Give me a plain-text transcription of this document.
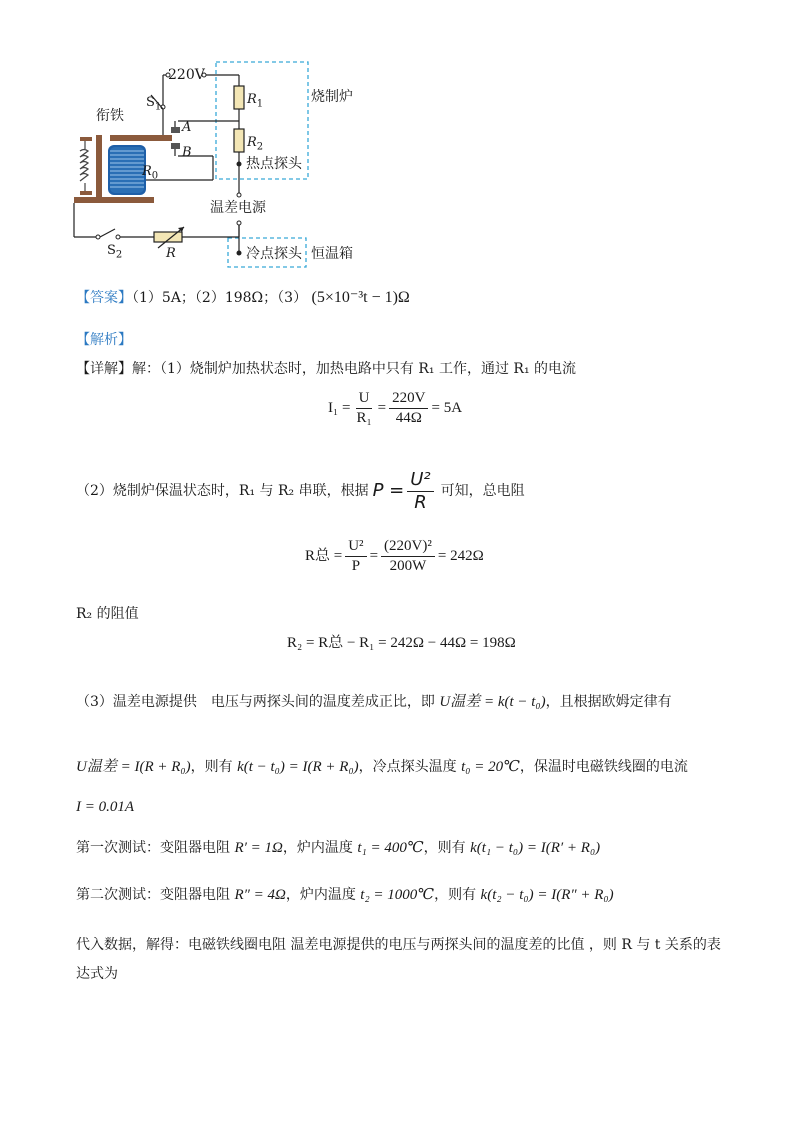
220V
$S_1$
衔铁
A
B
$R_0$
$R_1$
$R_2$
烧制炉
热点探头
温差电源
$S_2$	R	冷点探头 恒温箱
【答案】（1）5A；（2）198Ω；（3） (5×10⁻³t − 1)Ω
【解析】
【详解】解：（1）烧制炉加热状态时，加热电路中只有 R₁ 工作，通过 R₁ 的电流
$I_1 = \frac{U}{\text{R₁}} = \frac{220V}{44\Omega} = 5A$
（2）烧制炉保温状态时，R₁ 与 R₂ 串联，根据 $P = \frac{\text{U²}}{R}$ 可知，总电阻
R总 = $\frac{\text{U²}}{P} = \frac{\text{(220V)²}}{200W} = 242\Omega$
R₂ 的阻值
R₂ = R总 − R₁ = 242Ω − 44Ω = 198Ω
（3）温差电源提供　电压与两探头间的温度差成正比，即 U温差 = k(t − t₀)，且根据欧姆定律有
U温差 = I(R + R₀)，则有 k(t − t₀) = I(R + R₀)，冷点探头温度 t₀ = 20℃，保温时电磁铁线圈的电流
I = 0.01A
第一次测试：变阻器电阻 R′ = 1Ω，炉内温度 t₁ = 400℃，则有 k(t₁ − t₀) = I(R′ + R₀)
第二次测试：变阻器电阻 R″ = 4Ω，炉内温度 t₂ = 1000℃，则有 k(t₂ − t₀) = I(R″ + R₀)
代入数据，解得：电磁铁线圈电阻 温差电源提供的电压与两探头间的温度差的比值 ，则 R 与 t 关系的表
达式为
